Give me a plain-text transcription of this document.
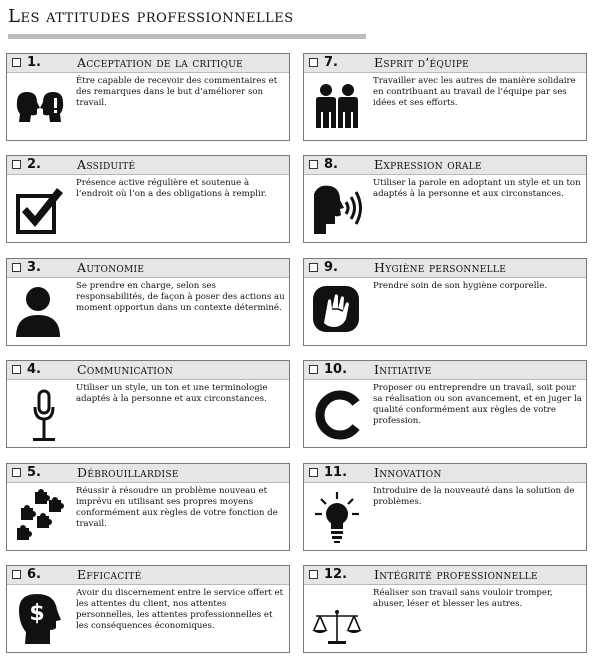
Les attitudes professionnelles
1.	Acceptation de la critique
Être capable de recevoir des commentaires et des remarques dans le but d’améliorer son travail.
7.	Esprit d’équipe
Travailler avec les autres de manière solidaire en contribuant au travail de l’équipe par ses idées et ses efforts.
2.	Assiduité
Présence active régulière et soutenue à l’endroit où l’on a des obligations à remplir.
8.	Expression orale
Utiliser la parole en adoptant un style et un ton adaptés à la personne et aux circonstances.
3.	Autonomie
Se prendre en charge, selon ses responsabilités, de façon à poser des actions au moment opportun dans un contexte déterminé.
9.	Hygiène personnelle
Prendre soin de son hygiène corporelle.
4.	Communication
Utiliser un style, un ton et une terminologie adaptés à la personne et aux circonstances.
10. Initiative
Proposer ou entreprendre un travail, soit pour sa réalisation ou son avancement, et en juger la qualité conformément aux règles de votre profession.
5.	Débrouillardise
Réussir à résoudre un problème nouveau et imprévu en utilisant ses propres moyens conformément aux règles de votre fonction de travail.
11. Innovation
Introduire de la nouveauté dans la solution de problèmes.
6.	Efficacité
$
Avoir du discernement entre le service offert et les attentes du client, nos attentes personnelles, les attentes professionnelles et les conséquences économiques.
12. Intégrité professionnelle
Réaliser son travail sans vouloir tromper, abuser, léser et blesser les autres.
